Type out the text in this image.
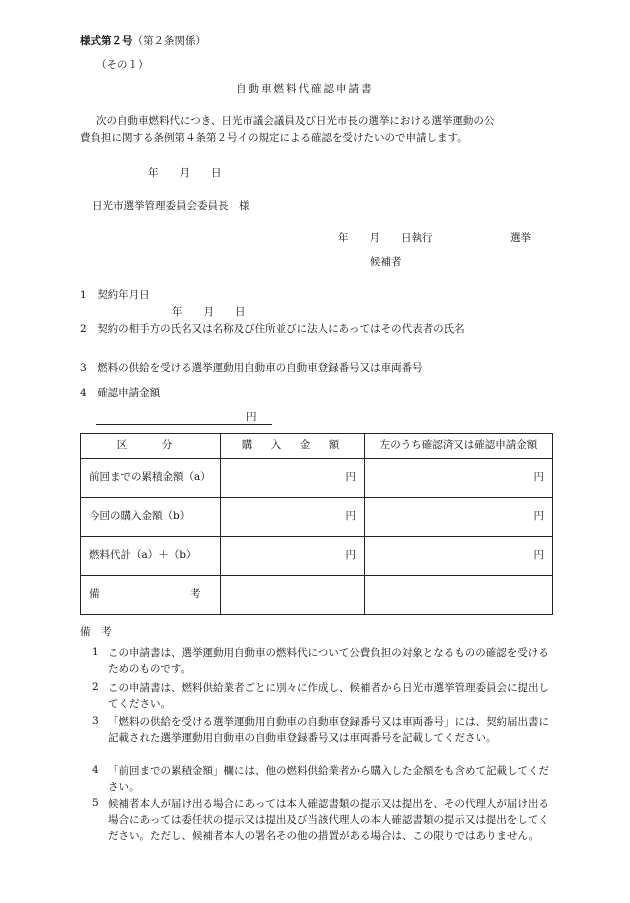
様式第２号（第２条関係）
（その１）
自動車燃料代確認申請書
次の自動車燃料代につき、日光市議会議員及び日光市長の選挙における選挙運動の公
費負担に関する条例第４条第２号イの規定による確認を受けたいので申請します。
年　　月　　日
日光市選挙管理委員会委員長　様
年　　月　　日執行	選挙
候補者
1　 契約年月日
年　　月　　日
2　 契約の相手方の氏名又は名称及び住所並びに法人にあってはその代表者の氏名
3　 燃料の供給を受ける選挙運動用自動車の自動車登録番号又は車両番号
4　 確認申請金額
円
区　分	購　入　金　額	左のうち確認済又は確認申請金額
前回までの累積金額（a）	円	円
今回の購入金額（b）	円	円
燃料代計（a）＋（b）	円	円
備　考		
備　考
1 この申請書は、選挙運動用自動車の燃料代について公費負担の対象となるものの確認を受けるためのものです。
2 この申請書は、燃料供給業者ごとに別々に作成し、候補者から日光市選挙管理委員会に提出してください。
3 「燃料の供給を受ける選挙運動用自動車の自動車登録番号又は車両番号」には、契約届出書に記載された選挙運動用自動車の自動車登録番号又は車両番号を記載してください。
4 「前回までの累積金額」欄には、他の燃料供給業者から購入した金額をも含めて記載してください。
5 候補者本人が届け出る場合にあっては本人確認書類の提示又は提出を、その代理人が届け出る場合にあっては委任状の提示又は提出及び当該代理人の本人確認書類の提示又は提出をしてください。ただし、候補者本人の署名その他の措置がある場合は、この限りではありません。
